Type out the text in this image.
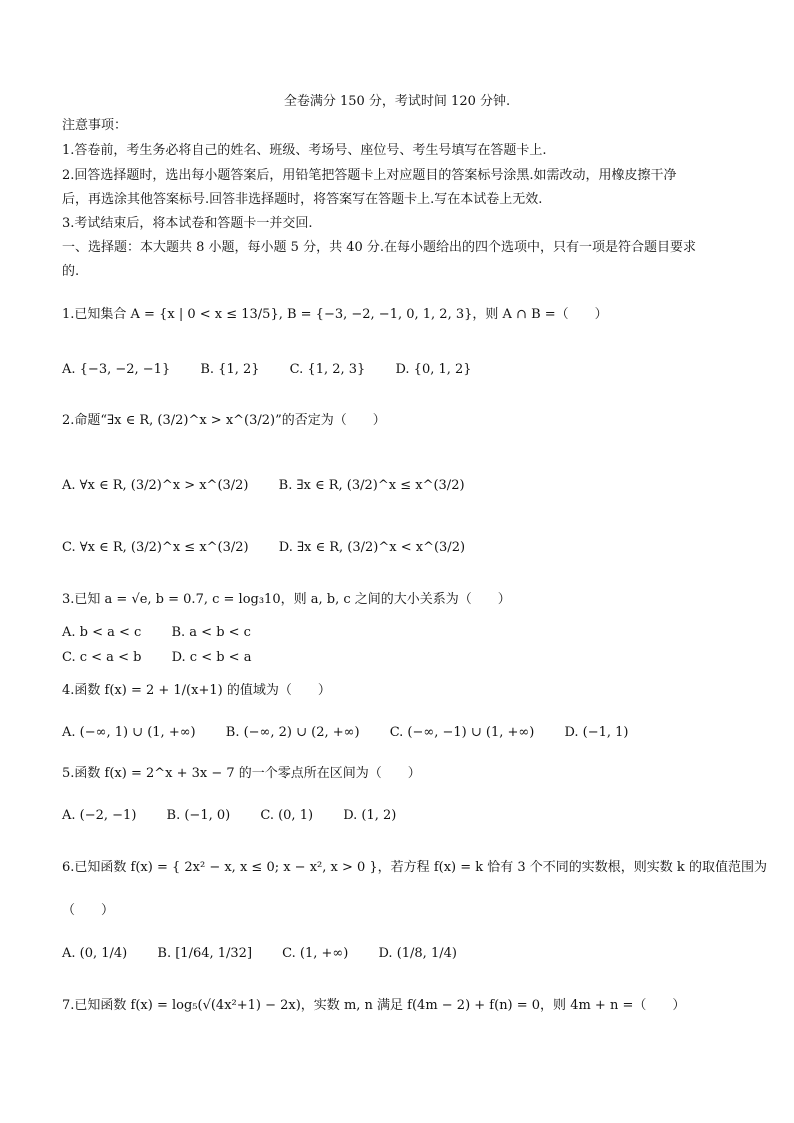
全卷满分 150 分，考试时间 120 分钟.
注意事项：
1.答卷前，考生务必将自己的姓名、班级、考场号、座位号、考生号填写在答题卡上.
2.回答选择题时，选出每小题答案后，用铅笔把答题卡上对应题目的答案标号涂黑.如需改动，用橡皮擦干净
后，再选涂其他答案标号.回答非选择题时，将答案写在答题卡上.写在本试卷上无效.
3.考试结束后，将本试卷和答题卡一并交回.
一、选择题：本大题共 8 小题，每小题 5 分，共 40 分.在每小题给出的四个选项中，只有一项是符合题目要求
的.
1.已知集合 A = {x | 0 < x ≤ 13/5}, B = {−3, −2, −1, 0, 1, 2, 3}，则 A ∩ B =（　　）
A. {−3, −2, −1} B. {1, 2} C. {1, 2, 3} D. {0, 1, 2}
2.命题“∃x ∈ R, (3/2)^x > x^(3/2)”的否定为（　　）
A. ∀x ∈ R, (3/2)^x > x^(3/2) B. ∃x ∈ R, (3/2)^x ≤ x^(3/2)
C. ∀x ∈ R, (3/2)^x ≤ x^(3/2) D. ∃x ∈ R, (3/2)^x < x^(3/2)
3.已知 a = √e, b = 0.7, c = log₃10，则 a, b, c 之间的大小关系为（　　）
A. b < a < c B. a < b < c
C. c < a < b D. c < b < a
4.函数 f(x) = 2 + 1/(x+1) 的值域为（　　）
A. (−∞, 1) ∪ (1, +∞) B. (−∞, 2) ∪ (2, +∞) C. (−∞, −1) ∪ (1, +∞) D. (−1, 1)
5.函数 f(x) = 2^x + 3x − 7 的一个零点所在区间为（　　）
A. (−2, −1) B. (−1, 0) C. (0, 1) D. (1, 2)
6.已知函数 f(x) = { 2x² − x, x ≤ 0; x − x², x > 0 }，若方程 f(x) = k 恰有 3 个不同的实数根，则实数 k 的取值范围为
（　　）
A. (0, 1/4) B. [1/64, 1/32] C. (1, +∞) D. (1/8, 1/4)
7.已知函数 f(x) = log₅(√(4x²+1) − 2x)，实数 m, n 满足 f(4m − 2) + f(n) = 0，则 4m + n =（　　）
